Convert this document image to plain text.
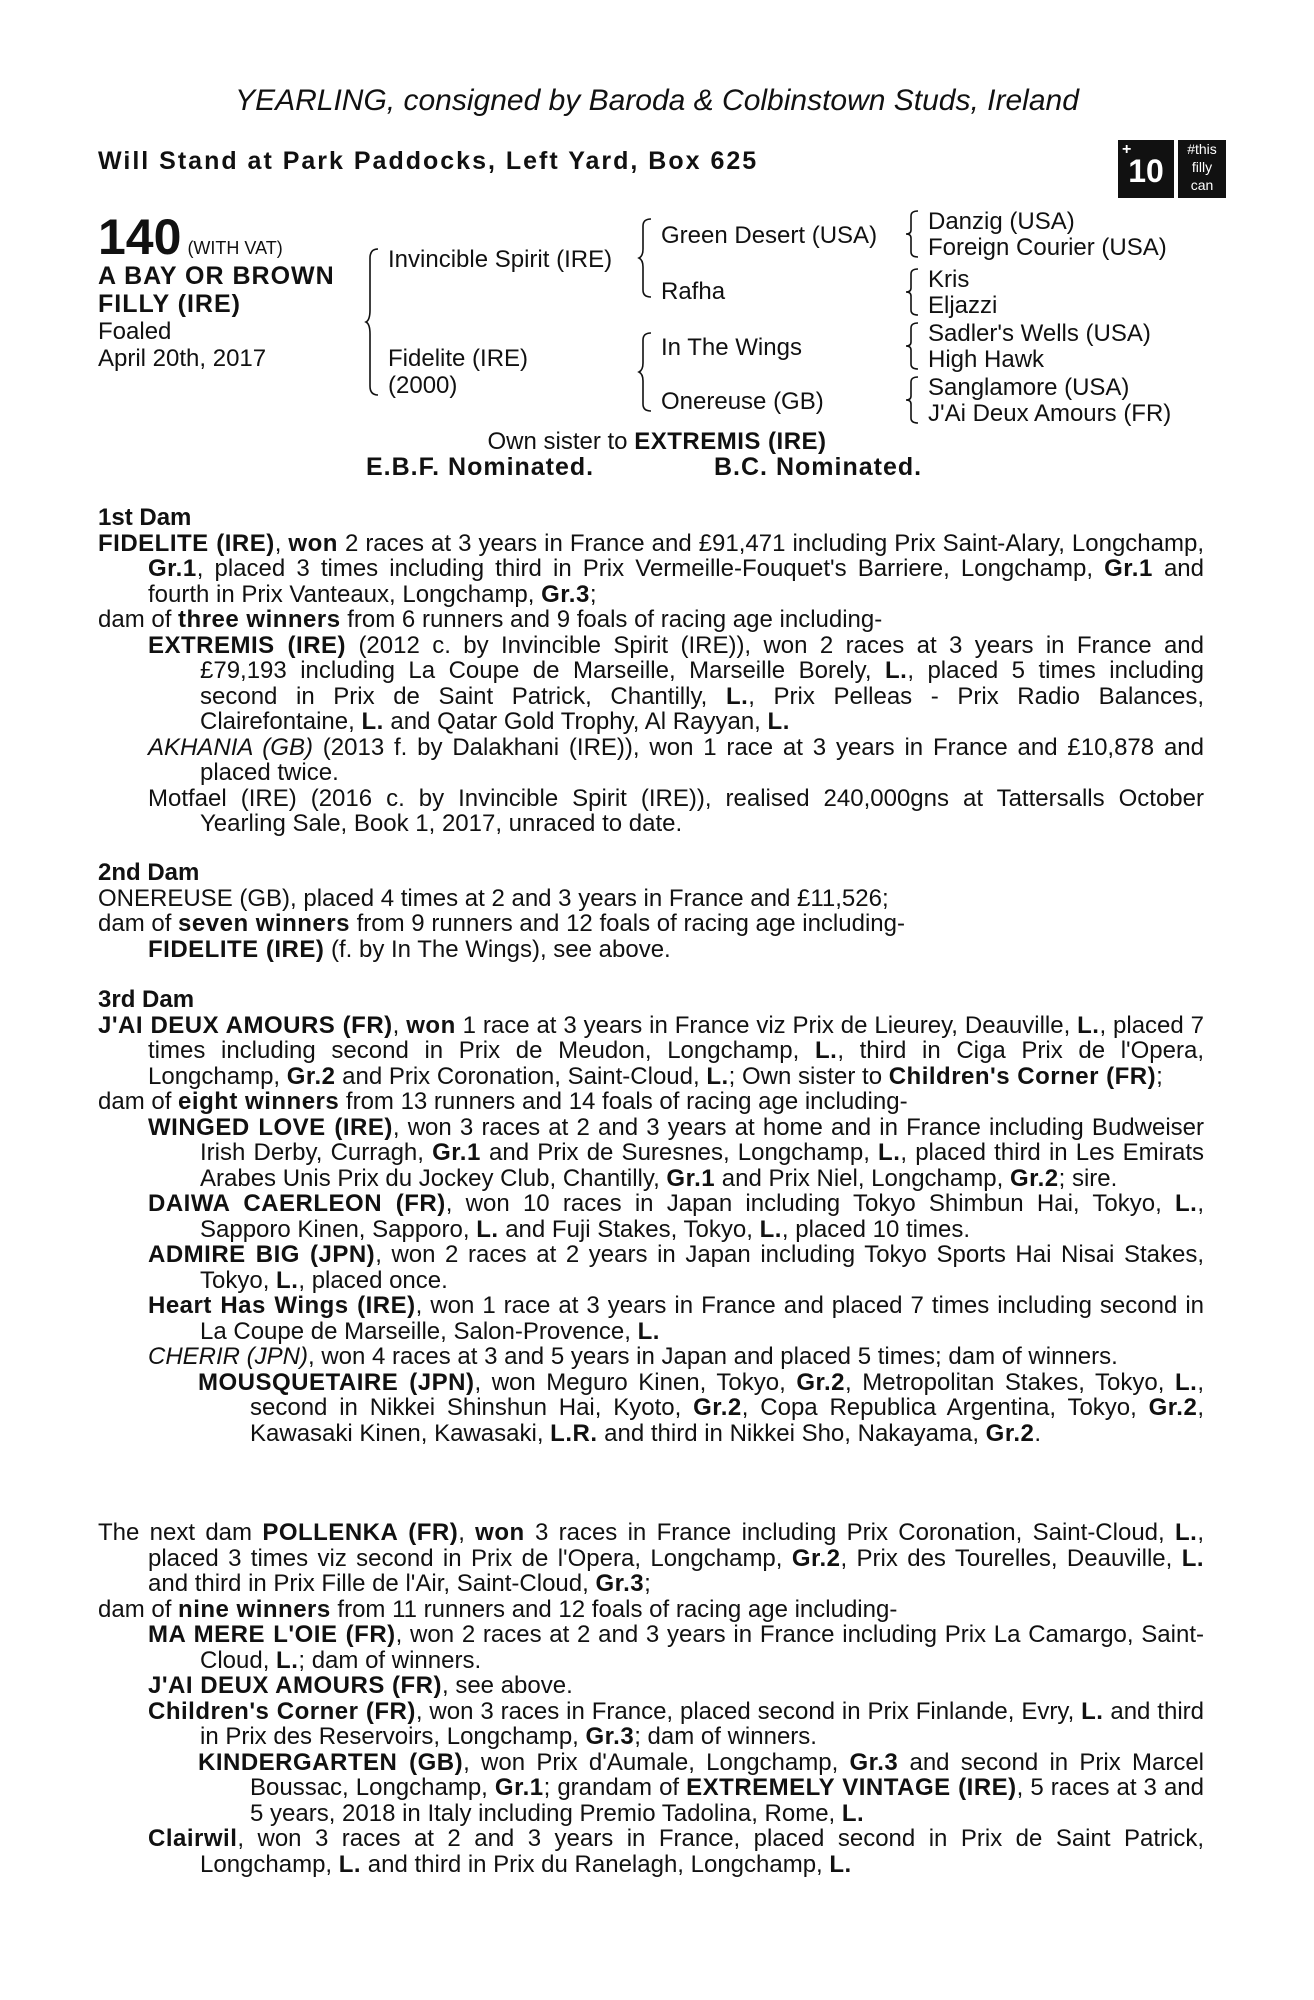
YEARLING, consigned by Baroda & Colbinstown Studs, Ireland
Will Stand at Park Paddocks, Left Yard, Box 625	+
10
#this
filly
can
140 (WITH VAT)
A BAY OR BROWN
FILLY (IRE)
Foaled
April 20th, 2017
Invincible Spirit (IRE)
Fidelite (IRE)
(2000)
Green Desert (USA)
Rafha
In The Wings
Onereuse (GB)
Danzig (USA)
Foreign Courier (USA)
Kris
Eljazzi
Sadler's Wells (USA)
High Hawk
Sanglamore (USA)
J'Ai Deux Amours (FR)
Own sister to EXTREMIS (IRE)
E.B.F. Nominated.	B.C. Nominated.

1st Dam

FIDELITE (IRE), won 2 races at 3 years in France and £91,471 including Prix Saint-Alary, Longchamp, Gr.1, placed 3 times including third in Prix Vermeille-Fouquet's Barriere, Longchamp, Gr.1 and fourth in Prix Vanteaux, Longchamp, Gr.3;

dam of three winners from 6 runners and 9 foals of racing age including-

EXTREMIS (IRE) (2012 c. by Invincible Spirit (IRE)), won 2 races at 3 years in France and £79,193 including La Coupe de Marseille, Marseille Borely, L., placed 5 times including second in Prix de Saint Patrick, Chantilly, L., Prix Pelleas - Prix Radio Balances, Clairefontaine, L. and Qatar Gold Trophy, Al Rayyan, L.

AKHANIA (GB) (2013 f. by Dalakhani (IRE)), won 1 race at 3 years in France and £10,878 and placed twice.

Motfael (IRE) (2016 c. by Invincible Spirit (IRE)), realised 240,000gns at Tattersalls October Yearling Sale, Book 1, 2017, unraced to date.

2nd Dam

ONEREUSE (GB), placed 4 times at 2 and 3 years in France and £11,526;

dam of seven winners from 9 runners and 12 foals of racing age including-

FIDELITE (IRE) (f. by In The Wings), see above.

3rd Dam

J'AI DEUX AMOURS (FR), won 1 race at 3 years in France viz Prix de Lieurey, Deauville, L., placed 7 times including second in Prix de Meudon, Longchamp, L., third in Ciga Prix de l'Opera, Longchamp, Gr.2 and Prix Coronation, Saint-Cloud, L.; Own sister to Children's Corner (FR);

dam of eight winners from 13 runners and 14 foals of racing age including-

WINGED LOVE (IRE), won 3 races at 2 and 3 years at home and in France including Budweiser Irish Derby, Curragh, Gr.1 and Prix de Suresnes, Longchamp, L., placed third in Les Emirats Arabes Unis Prix du Jockey Club, Chantilly, Gr.1 and Prix Niel, Longchamp, Gr.2; sire.

DAIWA CAERLEON (FR), won 10 races in Japan including Tokyo Shimbun Hai, Tokyo, L., Sapporo Kinen, Sapporo, L. and Fuji Stakes, Tokyo, L., placed 10 times.

ADMIRE BIG (JPN), won 2 races at 2 years in Japan including Tokyo Sports Hai Nisai Stakes, Tokyo, L., placed once.

Heart Has Wings (IRE), won 1 race at 3 years in France and placed 7 times including second in La Coupe de Marseille, Salon-Provence, L.

CHERIR (JPN), won 4 races at 3 and 5 years in Japan and placed 5 times; dam of winners.

MOUSQUETAIRE (JPN), won Meguro Kinen, Tokyo, Gr.2, Metropolitan Stakes, Tokyo, L., second in Nikkei Shinshun Hai, Kyoto, Gr.2, Copa Republica Argentina, Tokyo, Gr.2, Kawasaki Kinen, Kawasaki, L.R. and third in Nikkei Sho, Nakayama, Gr.2.

The next dam POLLENKA (FR), won 3 races in France including Prix Coronation, Saint-Cloud, L., placed 3 times viz second in Prix de l'Opera, Longchamp, Gr.2, Prix des Tourelles, Deauville, L. and third in Prix Fille de l'Air, Saint-Cloud, Gr.3;

dam of nine winners from 11 runners and 12 foals of racing age including-

MA MERE L'OIE (FR), won 2 races at 2 and 3 years in France including Prix La Camargo, Saint-Cloud, L.; dam of winners.

J'AI DEUX AMOURS (FR), see above.

Children's Corner (FR), won 3 races in France, placed second in Prix Finlande, Evry, L. and third in Prix des Reservoirs, Longchamp, Gr.3; dam of winners.

KINDERGARTEN (GB), won Prix d'Aumale, Longchamp, Gr.3 and second in Prix Marcel Boussac, Longchamp, Gr.1; grandam of EXTREMELY VINTAGE (IRE), 5 races at 3 and 5 years, 2018 in Italy including Premio Tadolina, Rome, L.

Clairwil, won 3 races at 2 and 3 years in France, placed second in Prix de Saint Patrick, Longchamp, L. and third in Prix du Ranelagh, Longchamp, L.
